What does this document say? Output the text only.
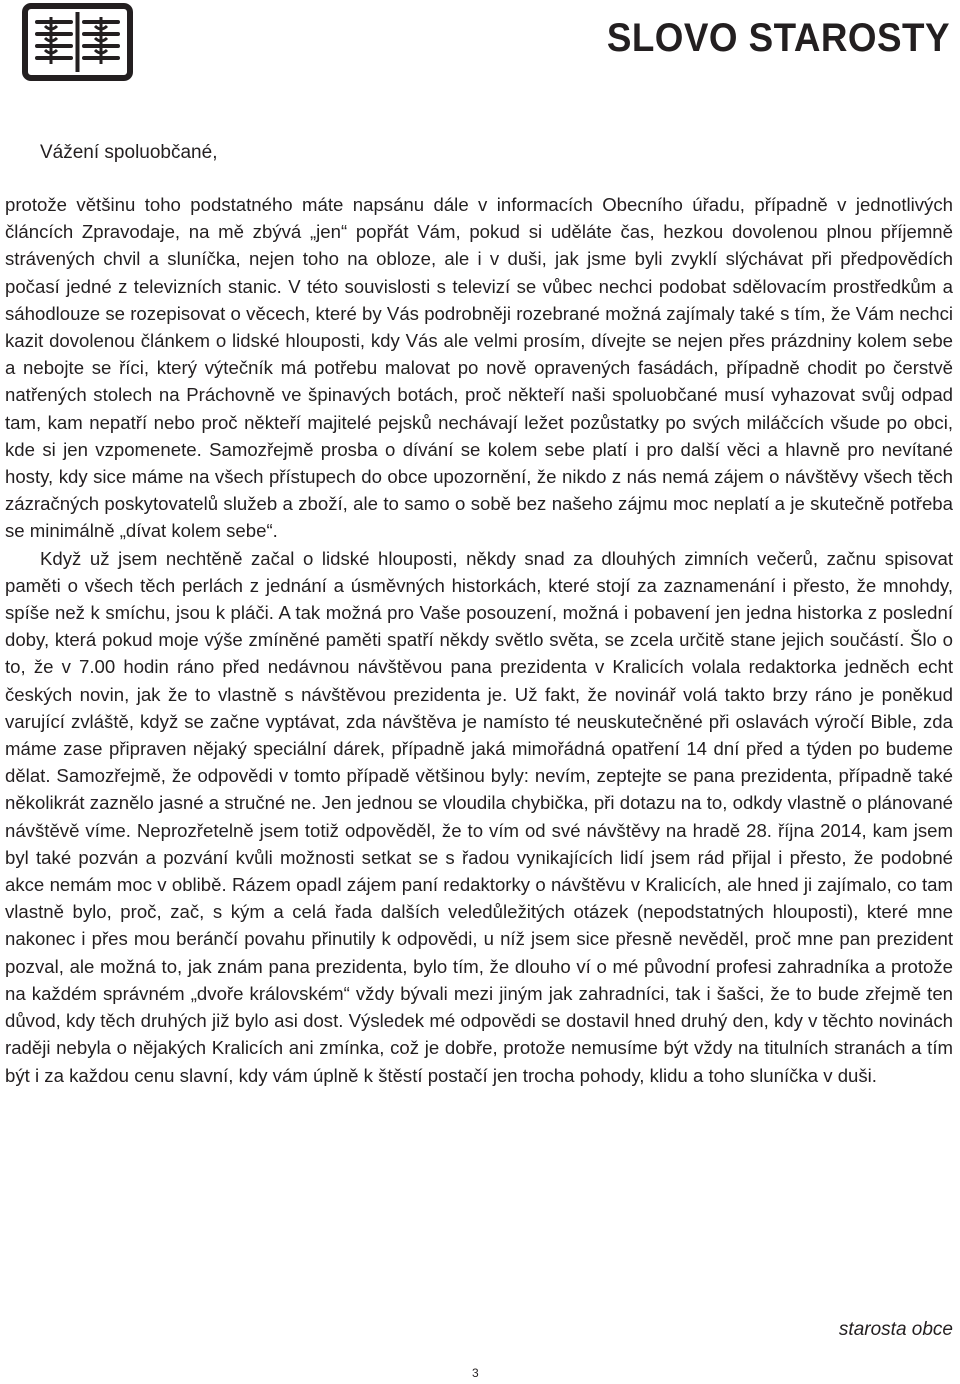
SLOVO STAROSTY
Vážení spoluobčané,

protože většinu toho podstatného máte napsánu dále v informacích Obecního úřadu, případně v jednotlivých článcích Zpravodaje, na mě zbývá „jen“ popřát Vám, pokud si uděláte čas, hezkou dovolenou plnou příjemně strávených chvil a sluníčka, nejen toho na obloze, ale i v duši, jak jsme byli zvyklí slýchávat při předpovědích počasí jedné z televizních stanic. V této souvislosti s televizí se vůbec nechci podobat sdělovacím prostředkům a sáhodlouze se rozepisovat o věcech, které by Vás podrobněji rozebrané možná zajímaly také s tím, že Vám nechci kazit dovolenou článkem o lidské hlouposti, kdy Vás ale velmi prosím, dívejte se nejen přes prázdniny kolem sebe a nebojte se říci, který výtečník má potřebu malovat po nově opravených fasádách, případně chodit po čerstvě natřených stolech na Práchovně ve špinavých botách, proč někteří naši spoluobčané musí vyhazovat svůj odpad tam, kam nepatří nebo proč někteří majitelé pejsků nechávají ležet pozůstatky po svých miláčcích všude po obci, kde si jen vzpomenete. Samozřejmě prosba o dívání se kolem sebe platí i pro další věci a hlavně pro nevítané hosty, kdy sice máme na všech přístupech do obce upozornění, že nikdo z nás nemá zájem o návštěvy všech těch zázračných poskytovatelů služeb a zboží, ale to samo o sobě bez našeho zájmu moc neplatí a je skutečně potřeba se minimálně „dívat kolem sebe“.

Když už jsem nechtěně začal o lidské hlouposti, někdy snad za dlouhých zimních večerů, začnu spisovat paměti o všech těch perlách z jednání a úsměvných historkách, které stojí za zaznamenání i přesto, že mnohdy, spíše než k smíchu, jsou k pláči. A tak možná pro Vaše posouzení, možná i pobavení jen jedna historka z poslední doby, která pokud moje výše zmíněné paměti spatří někdy světlo světa, se zcela určitě stane jejich součástí. Šlo o to, že v 7.00 hodin ráno před nedávnou návštěvou pana prezidenta v Kralicích volala redaktorka jedněch echt českých novin, jak že to vlastně s návštěvou prezidenta je. Už fakt, že novinář volá takto brzy ráno je poněkud varující zvláště, když se začne vyptávat, zda návštěva je namísto té neuskutečněné při oslavách výročí Bible, zda máme zase připraven nějaký speciální dárek, případně jaká mimořádná opatření 14 dní před a týden po budeme dělat. Samozřejmě, že odpovědi v tomto případě většinou byly: nevím, zeptejte se pana prezidenta, případně také několikrát zaznělo jasné a stručné ne. Jen jednou se vloudila chybička, při dotazu na to, odkdy vlastně o plánované návštěvě víme. Neprozřetelně jsem totiž odpověděl, že to vím od své návštěvy na hradě 28. října 2014, kam jsem byl také pozván a pozvání kvůli možnosti setkat se s řadou vynikajících lidí jsem rád přijal i přesto, že podobné akce nemám moc v oblibě. Rázem opadl zájem paní redaktorky o návštěvu v Kralicích, ale hned ji zajímalo, co tam vlastně bylo, proč, zač, s kým a celá řada dalších veledůležitých otázek (nepodstatných hlouposti), které mne nakonec i přes mou beránčí povahu přinutily k odpovědi, u níž jsem sice přesně nevěděl, proč mne pan prezident pozval, ale možná to, jak znám pana prezidenta, bylo tím, že dlouho ví o mé původní profesi zahradníka a protože na každém správném „dvoře královském“ vždy bývali mezi jiným jak zahradníci, tak i šašci, že to bude zřejmě ten důvod, kdy těch druhých již bylo asi dost. Výsledek mé odpovědi se dostavil hned druhý den, kdy v těchto novinách raději nebyla o nějakých Kralicích ani zmínka, což je dobře, protože nemusíme být vždy na titulních stranách a tím být i za každou cenu slavní, kdy vám úplně k štěstí postačí jen trocha pohody, klidu a toho sluníčka v duši.

starosta obce
3
